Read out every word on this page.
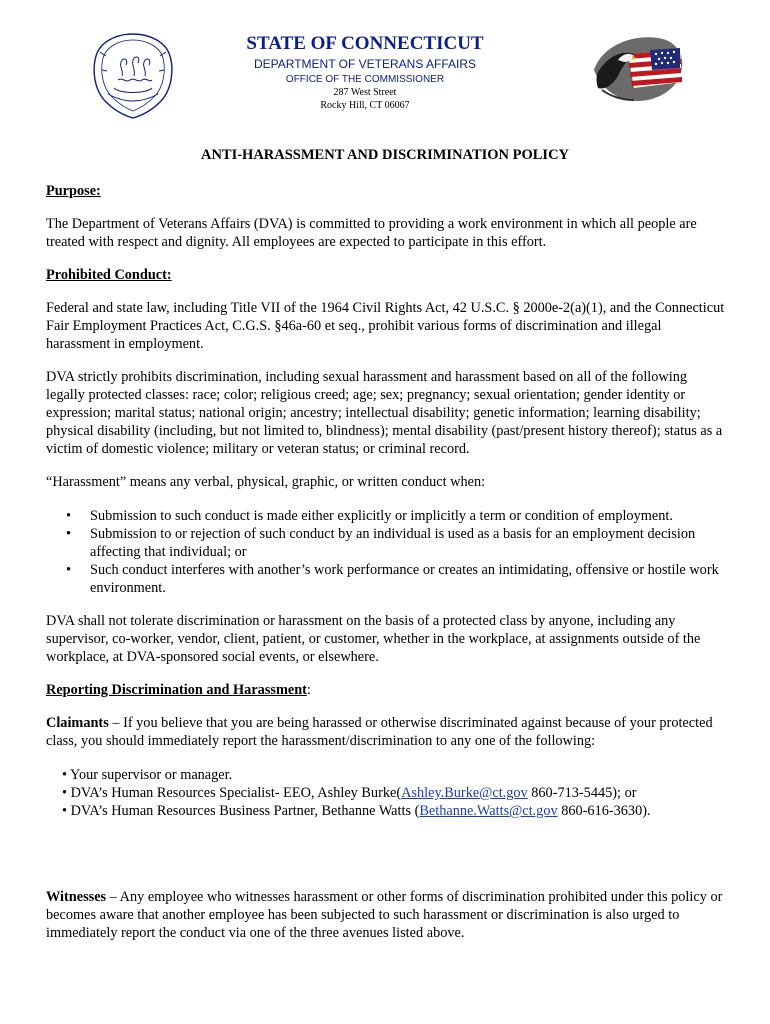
STATE OF CONNECTICUT
DEPARTMENT OF VETERANS AFFAIRS
OFFICE OF THE COMMISSIONER
287 West Street
Rocky Hill, CT 06067
ANTI-HARASSMENT AND DISCRIMINATION POLICY

Purpose:

The Department of Veterans Affairs (DVA) is committed to providing a work environment in which all people are treated with respect and dignity. All employees are expected to participate in this effort.

Prohibited Conduct:

Federal and state law, including Title VII of the 1964 Civil Rights Act, 42 U.S.C. § 2000e-2(a)(1), and the Connecticut Fair Employment Practices Act, C.G.S. §46a-60 et seq., prohibit various forms of discrimination and illegal harassment in employment.

DVA strictly prohibits discrimination, including sexual harassment and harassment based on all of the following legally protected classes: race; color; religious creed; age; sex; pregnancy; sexual orientation; gender identity or expression; marital status; national origin; ancestry; intellectual disability; genetic information; learning disability; physical disability (including, but not limited to, blindness); mental disability (past/present history thereof); status as a victim of domestic violence; military or veteran status; or criminal record.

“Harassment” means any verbal, physical, graphic, or written conduct when:

• Submission to such conduct is made either explicitly or implicitly a term or condition of employment.
• Submission to or rejection of such conduct by an individual is used as a basis for an employment decision affecting that individual; or
• Such conduct interferes with another’s work performance or creates an intimidating, offensive or hostile work environment.

DVA shall not tolerate discrimination or harassment on the basis of a protected class by anyone, including any supervisor, co-worker, vendor, client, patient, or customer, whether in the workplace, at assignments outside of the workplace, at DVA-sponsored social events, or elsewhere.

Reporting Discrimination and Harassment:

Claimants – If you believe that you are being harassed or otherwise discriminated against because of your protected class, you should immediately report the harassment/discrimination to any one of the following:

• Your supervisor or manager.

• DVA’s Human Resources Specialist- EEO, Ashley Burke(Ashley.Burke@ct.gov 860-713-5445); or

• DVA’s Human Resources Business Partner, Bethanne Watts (Bethanne.Watts@ct.gov 860-616-3630).

Witnesses – Any employee who witnesses harassment or other forms of discrimination prohibited under this policy or becomes aware that another employee has been subjected to such harassment or discrimination is also urged to immediately report the conduct via one of the three avenues listed above.
